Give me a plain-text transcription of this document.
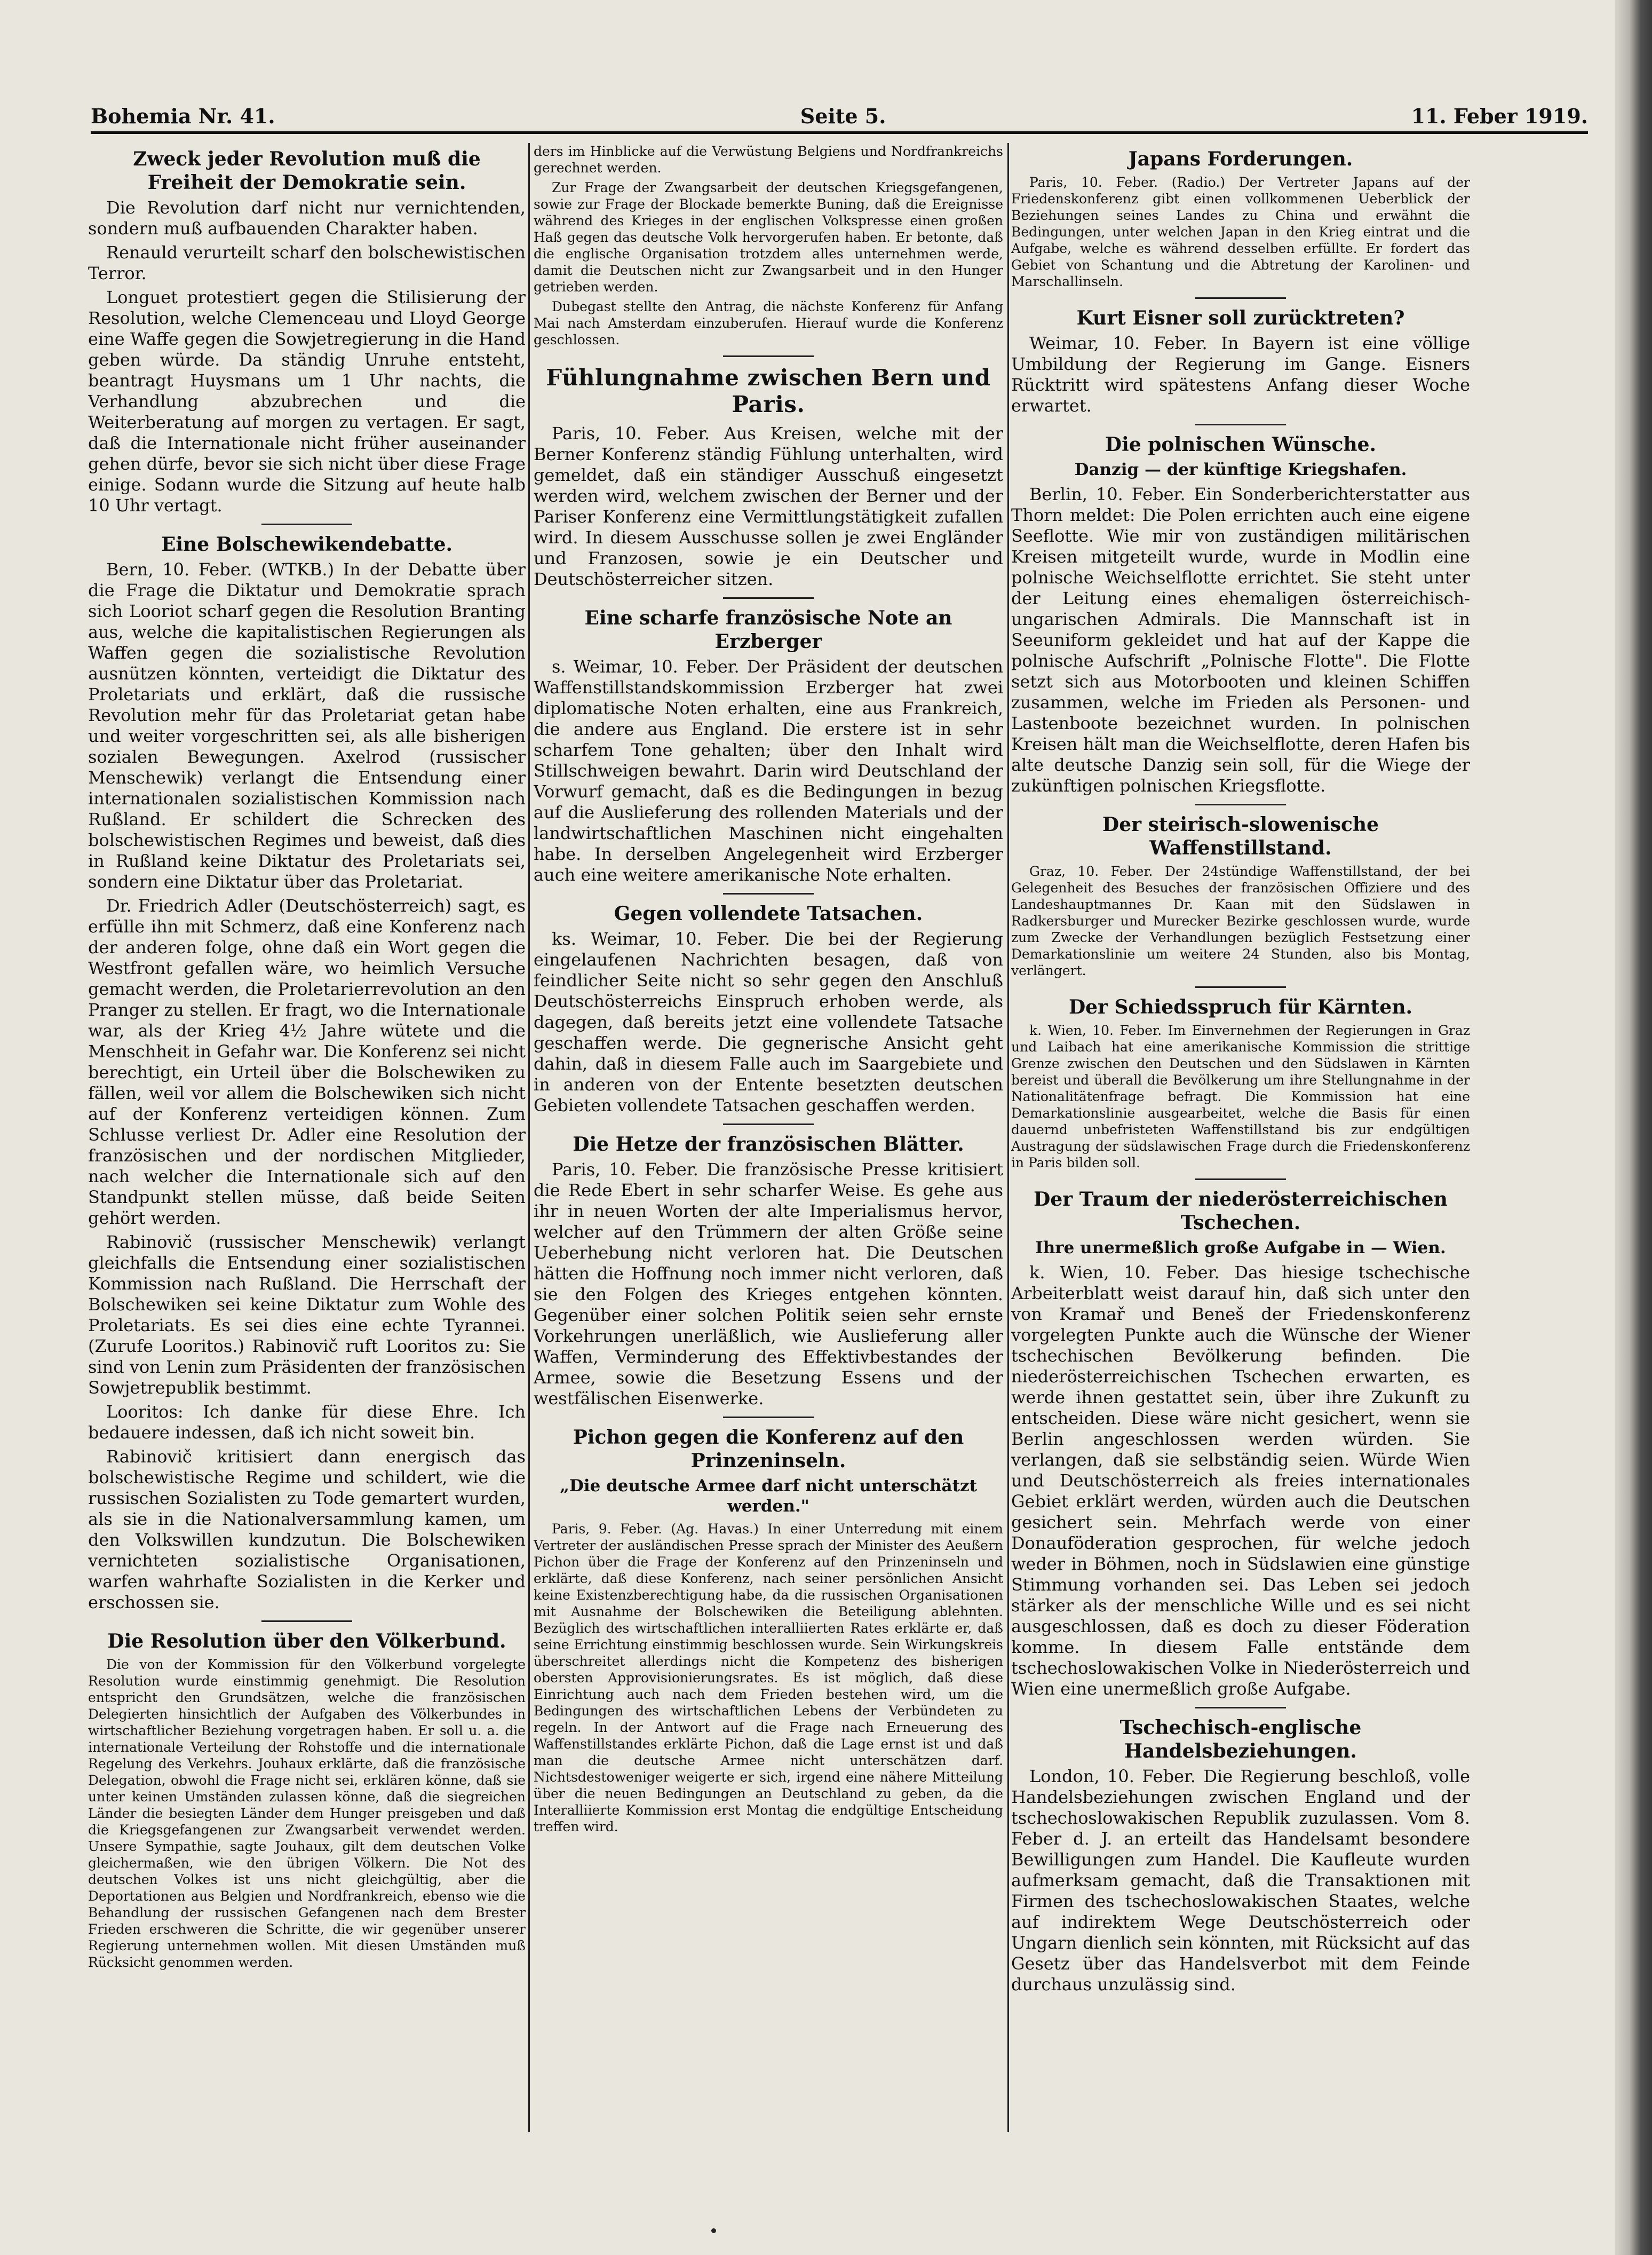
Bohemia Nr. 41.	Seite 5.	11. Feber 1919.
Zweck jeder Revolution muß die Freiheit der Demokratie sein.

Die Revolution darf nicht nur vernichtenden, sondern muß aufbauenden Charakter haben.

Renauld verurteilt scharf den bolschewistischen Terror.

Longuet protestiert gegen die Stilisierung der Resolution, welche Clemenceau und Lloyd George eine Waffe gegen die Sowjetregierung in die Hand geben würde. Da ständig Unruhe entsteht, beantragt Huysmans um 1 Uhr nachts, die Verhandlung abzubrechen und die Weiterberatung auf morgen zu vertagen. Er sagt, daß die Internationale nicht früher auseinander gehen dürfe, bevor sie sich nicht über diese Frage einige. Sodann wurde die Sitzung auf heute halb 10 Uhr vertagt.

Eine Bolschewikendebatte.

Bern, 10. Feber. (WTKB.) In der Debatte über die Frage die Diktatur und Demokratie sprach sich Looriot scharf gegen die Resolution Branting aus, welche die kapitalistischen Regierungen als Waffen gegen die sozialistische Revolution ausnützen könnten, verteidigt die Diktatur des Proletariats und erklärt, daß die russische Revolution mehr für das Proletariat getan habe und weiter vorgeschritten sei, als alle bisherigen sozialen Bewegungen. Axelrod (russischer Menschewik) verlangt die Entsendung einer internationalen sozialistischen Kommission nach Rußland. Er schildert die Schrecken des bolschewistischen Regimes und beweist, daß dies in Rußland keine Diktatur des Proletariats sei, sondern eine Diktatur über das Proletariat.

Dr. Friedrich Adler (Deutschösterreich) sagt, es erfülle ihn mit Schmerz, daß eine Konferenz nach der anderen folge, ohne daß ein Wort gegen die Westfront gefallen wäre, wo heimlich Versuche gemacht werden, die Proletarierrevolution an den Pranger zu stellen. Er fragt, wo die Internationale war, als der Krieg 4½ Jahre wütete und die Menschheit in Gefahr war. Die Konferenz sei nicht berechtigt, ein Urteil über die Bolschewiken zu fällen, weil vor allem die Bolschewiken sich nicht auf der Konferenz verteidigen können. Zum Schlusse verliest Dr. Adler eine Resolution der französischen und der nordischen Mitglieder, nach welcher die Internationale sich auf den Standpunkt stellen müsse, daß beide Seiten gehört werden.

Rabinovič (russischer Menschewik) verlangt gleichfalls die Entsendung einer sozialistischen Kommission nach Rußland. Die Herrschaft der Bolschewiken sei keine Diktatur zum Wohle des Proletariats. Es sei dies eine echte Tyrannei. (Zurufe Looritos.) Rabinovič ruft Looritos zu: Sie sind von Lenin zum Präsidenten der französischen Sowjetrepublik bestimmt.

Looritos: Ich danke für diese Ehre. Ich bedauere indessen, daß ich nicht soweit bin.

Rabinovič kritisiert dann energisch das bolschewistische Regime und schildert, wie die russischen Sozialisten zu Tode gemartert wurden, als sie in die Nationalversammlung kamen, um den Volkswillen kundzutun. Die Bolschewiken vernichteten sozialistische Organisationen, warfen wahrhafte Sozialisten in die Kerker und erschossen sie.

Die Resolution über den Völkerbund.

Die von der Kommission für den Völkerbund vorgelegte Resolution wurde einstimmig genehmigt. Die Resolution entspricht den Grundsätzen, welche die französischen Delegierten hinsichtlich der Aufgaben des Völkerbundes in wirtschaftlicher Beziehung vorgetragen haben. Er soll u. a. die internationale Verteilung der Rohstoffe und die internationale Regelung des Verkehrs. Jouhaux erklärte, daß die französische Delegation, obwohl die Frage nicht sei, erklären könne, daß sie unter keinen Umständen zulassen könne, daß die siegreichen Länder die besiegten Länder dem Hunger preisgeben und daß die Kriegsgefangenen zur Zwangsarbeit verwendet werden. Unsere Sympathie, sagte Jouhaux, gilt dem deutschen Volke gleichermaßen, wie den übrigen Völkern. Die Not des deutschen Volkes ist uns nicht gleichgültig, aber die Deportationen aus Belgien und Nordfrankreich, ebenso wie die Behandlung der russischen Gefangenen nach dem Brester Frieden erschweren die Schritte, die wir gegenüber unserer Regierung unternehmen wollen. Mit diesen Umständen muß Rücksicht genommen werden.

ders im Hinblicke auf die Verwüstung Belgiens und Nordfrankreichs gerechnet werden.

Zur Frage der Zwangsarbeit der deutschen Kriegsgefangenen, sowie zur Frage der Blockade bemerkte Buning, daß die Ereignisse während des Krieges in der englischen Volkspresse einen großen Haß gegen das deutsche Volk hervorgerufen haben. Er betonte, daß die englische Organisation trotzdem alles unternehmen werde, damit die Deutschen nicht zur Zwangsarbeit und in den Hunger getrieben werden.

Dubegast stellte den Antrag, die nächste Konferenz für Anfang Mai nach Amsterdam einzuberufen. Hierauf wurde die Konferenz geschlossen.

Fühlungnahme zwischen Bern und Paris.

Paris, 10. Feber. Aus Kreisen, welche mit der Berner Konferenz ständig Fühlung unterhalten, wird gemeldet, daß ein ständiger Ausschuß eingesetzt werden wird, welchem zwischen der Berner und der Pariser Konferenz eine Vermittlungstätigkeit zufallen wird. In diesem Ausschusse sollen je zwei Engländer und Franzosen, sowie je ein Deutscher und Deutschösterreicher sitzen.

Eine scharfe französische Note an Erzberger

s. Weimar, 10. Feber. Der Präsident der deutschen Waffenstillstandskommission Erzberger hat zwei diplomatische Noten erhalten, eine aus Frankreich, die andere aus England. Die erstere ist in sehr scharfem Tone gehalten; über den Inhalt wird Stillschweigen bewahrt. Darin wird Deutschland der Vorwurf gemacht, daß es die Bedingungen in bezug auf die Auslieferung des rollenden Materials und der landwirtschaftlichen Maschinen nicht eingehalten habe. In derselben Angelegenheit wird Erzberger auch eine weitere amerikanische Note erhalten.

Gegen vollendete Tatsachen.

ks. Weimar, 10. Feber. Die bei der Regierung eingelaufenen Nachrichten besagen, daß von feindlicher Seite nicht so sehr gegen den Anschluß Deutschösterreichs Einspruch erhoben werde, als dagegen, daß bereits jetzt eine vollendete Tatsache geschaffen werde. Die gegnerische Ansicht geht dahin, daß in diesem Falle auch im Saargebiete und in anderen von der Entente besetzten deutschen Gebieten vollendete Tatsachen geschaffen werden.

Die Hetze der französischen Blätter.

Paris, 10. Feber. Die französische Presse kritisiert die Rede Ebert in sehr scharfer Weise. Es gehe aus ihr in neuen Worten der alte Imperialismus hervor, welcher auf den Trümmern der alten Größe seine Ueberhebung nicht verloren hat. Die Deutschen hätten die Hoffnung noch immer nicht verloren, daß sie den Folgen des Krieges entgehen könnten. Gegenüber einer solchen Politik seien sehr ernste Vorkehrungen unerläßlich, wie Auslieferung aller Waffen, Verminderung des Effektivbestandes der Armee, sowie die Besetzung Essens und der westfälischen Eisenwerke.

Pichon gegen die Konferenz auf den Prinzeninseln.
„Die deutsche Armee darf nicht unterschätzt werden."

Paris, 9. Feber. (Ag. Havas.) In einer Unterredung mit einem Vertreter der ausländischen Presse sprach der Minister des Aeußern Pichon über die Frage der Konferenz auf den Prinzeninseln und erklärte, daß diese Konferenz, nach seiner persönlichen Ansicht keine Existenzberechtigung habe, da die russischen Organisationen mit Ausnahme der Bolschewiken die Beteiligung ablehnten. Bezüglich des wirtschaftlichen interalliierten Rates erklärte er, daß seine Errichtung einstimmig beschlossen wurde. Sein Wirkungskreis überschreitet allerdings nicht die Kompetenz des bisherigen obersten Approvisionierungsrates. Es ist möglich, daß diese Einrichtung auch nach dem Frieden bestehen wird, um die Bedingungen des wirtschaftlichen Lebens der Verbündeten zu regeln. In der Antwort auf die Frage nach Erneuerung des Waffenstillstandes erklärte Pichon, daß die Lage ernst ist und daß man die deutsche Armee nicht unterschätzen darf. Nichtsdestoweniger weigerte er sich, irgend eine nähere Mitteilung über die neuen Bedingungen an Deutschland zu geben, da die Interalliierte Kommission erst Montag die endgültige Entscheidung treffen wird.

Japans Forderungen.

Paris, 10. Feber. (Radio.) Der Vertreter Japans auf der Friedenskonferenz gibt einen vollkommenen Ueberblick der Beziehungen seines Landes zu China und erwähnt die Bedingungen, unter welchen Japan in den Krieg eintrat und die Aufgabe, welche es während desselben erfüllte. Er fordert das Gebiet von Schantung und die Abtretung der Karolinen- und Marschallinseln.

Kurt Eisner soll zurücktreten?

Weimar, 10. Feber. In Bayern ist eine völlige Umbildung der Regierung im Gange. Eisners Rücktritt wird spätestens Anfang dieser Woche erwartet.

Die polnischen Wünsche.
Danzig — der künftige Kriegshafen.

Berlin, 10. Feber. Ein Sonderberichterstatter aus Thorn meldet: Die Polen errichten auch eine eigene Seeflotte. Wie mir von zuständigen militärischen Kreisen mitgeteilt wurde, wurde in Modlin eine polnische Weichselflotte errichtet. Sie steht unter der Leitung eines ehemaligen österreichisch-ungarischen Admirals. Die Mannschaft ist in Seeuniform gekleidet und hat auf der Kappe die polnische Aufschrift „Polnische Flotte". Die Flotte setzt sich aus Motorbooten und kleinen Schiffen zusammen, welche im Frieden als Personen- und Lastenboote bezeichnet wurden. In polnischen Kreisen hält man die Weichselflotte, deren Hafen bis alte deutsche Danzig sein soll, für die Wiege der zukünftigen polnischen Kriegsflotte.

Der steirisch-slowenische Waffenstillstand.

Graz, 10. Feber. Der 24stündige Waffenstillstand, der bei Gelegenheit des Besuches der französischen Offiziere und des Landeshauptmannes Dr. Kaan mit den Südslawen in Radkersburger und Murecker Bezirke geschlossen wurde, wurde zum Zwecke der Verhandlungen bezüglich Festsetzung einer Demarkationslinie um weitere 24 Stunden, also bis Montag, verlängert.

Der Schiedsspruch für Kärnten.

k. Wien, 10. Feber. Im Einvernehmen der Regierungen in Graz und Laibach hat eine amerikanische Kommission die strittige Grenze zwischen den Deutschen und den Südslawen in Kärnten bereist und überall die Bevölkerung um ihre Stellungnahme in der Nationalitätenfrage befragt. Die Kommission hat eine Demarkationslinie ausgearbeitet, welche die Basis für einen dauernd unbefristeten Waffenstillstand bis zur endgültigen Austragung der südslawischen Frage durch die Friedenskonferenz in Paris bilden soll.

Der Traum der niederösterreichischen Tschechen.
Ihre unermeßlich große Aufgabe in — Wien.

k. Wien, 10. Feber. Das hiesige tschechische Arbeiterblatt weist darauf hin, daß sich unter den von Kramař und Beneš der Friedenskonferenz vorgelegten Punkte auch die Wünsche der Wiener tschechischen Bevölkerung befinden. Die niederösterreichischen Tschechen erwarten, es werde ihnen gestattet sein, über ihre Zukunft zu entscheiden. Diese wäre nicht gesichert, wenn sie Berlin angeschlossen werden würden. Sie verlangen, daß sie selbständig seien. Würde Wien und Deutschösterreich als freies internationales Gebiet erklärt werden, würden auch die Deutschen gesichert sein. Mehrfach werde von einer Donauföderation gesprochen, für welche jedoch weder in Böhmen, noch in Südslawien eine günstige Stimmung vorhanden sei. Das Leben sei jedoch stärker als der menschliche Wille und es sei nicht ausgeschlossen, daß es doch zu dieser Föderation komme. In diesem Falle entstände dem tschechoslowakischen Volke in Niederösterreich und Wien eine unermeßlich große Aufgabe.

Tschechisch-englische Handelsbeziehungen.

London, 10. Feber. Die Regierung beschloß, volle Handelsbeziehungen zwischen England und der tschechoslowakischen Republik zuzulassen. Vom 8. Feber d. J. an erteilt das Handelsamt besondere Bewilligungen zum Handel. Die Kaufleute wurden aufmerksam gemacht, daß die Transaktionen mit Firmen des tschechoslowakischen Staates, welche auf indirektem Wege Deutschösterreich oder Ungarn dienlich sein könnten, mit Rücksicht auf das Gesetz über das Handelsverbot mit dem Feinde durchaus unzulässig sind.
